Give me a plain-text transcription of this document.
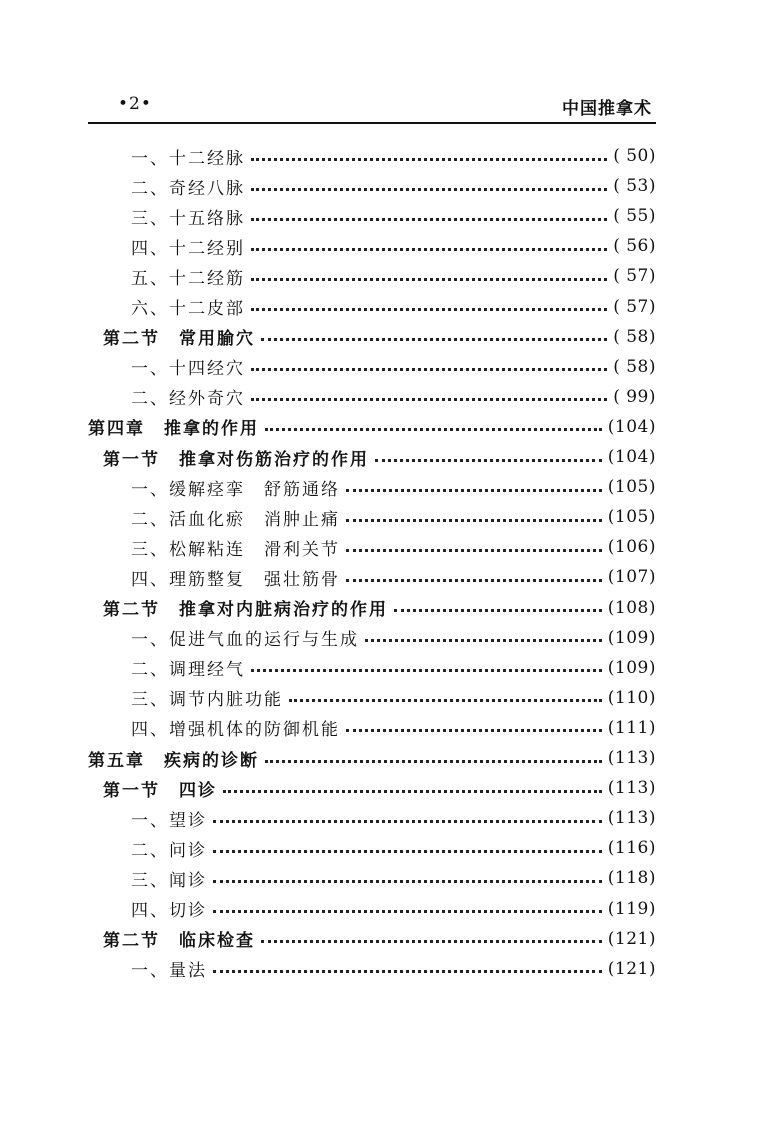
•2•	中国推拿术
一、十二经脉	( 50)
二、奇经八脉	( 53)
三、十五络脉	( 55)
四、十二经别	( 56)
五、十二经筋	( 57)
六、十二皮部	( 57)
第二节　常用腧穴	( 58)
一、十四经穴	( 58)
二、经外奇穴	( 99)
第四章　推拿的作用	(104)
第一节　推拿对伤筋治疗的作用	(104)
一、缓解痉挛　舒筋通络	(105)
二、活血化瘀　消肿止痛	(105)
三、松解粘连　滑利关节	(106)
四、理筋整复　强壮筋骨	(107)
第二节　推拿对内脏病治疗的作用	(108)
一、促进气血的运行与生成	(109)
二、调理经气	(109)
三、调节内脏功能	(110)
四、增强机体的防御机能	(111)
第五章　疾病的诊断	(113)
第一节　四诊	(113)
一、望诊	(113)
二、问诊	(116)
三、闻诊	(118)
四、切诊	(119)
第二节　临床检查	(121)
一、量法	(121)
